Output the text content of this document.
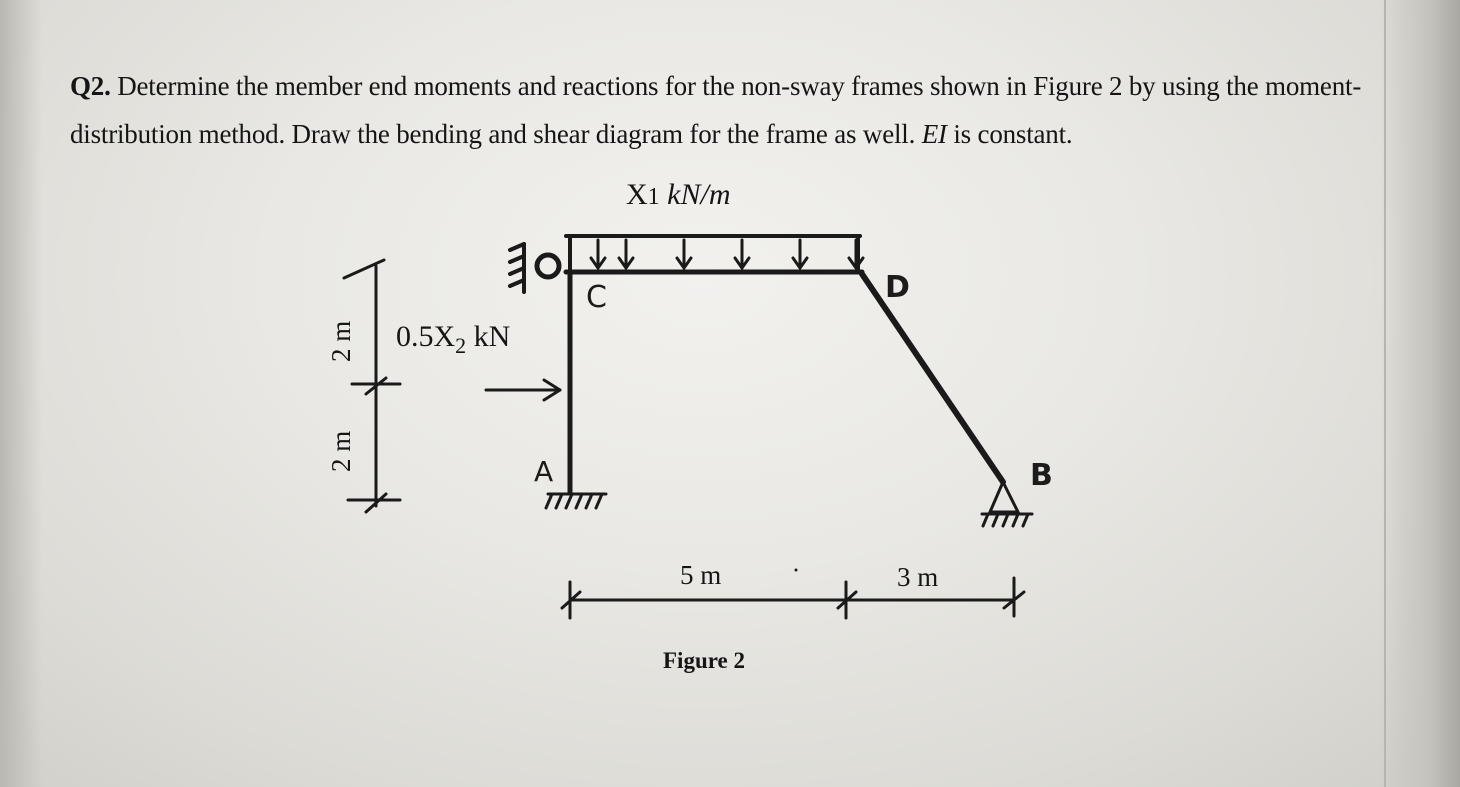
Q2. Determine the member end moments and reactions for the non-sway frames shown in Figure 2 by using the moment-distribution method. Draw the bending and shear diagram for the frame as well. EI is constant.
X1 kN/m
$0.5X_2$ kN
2 m
2 m
5 m	3 m
C
A
D
B
Figure 2
